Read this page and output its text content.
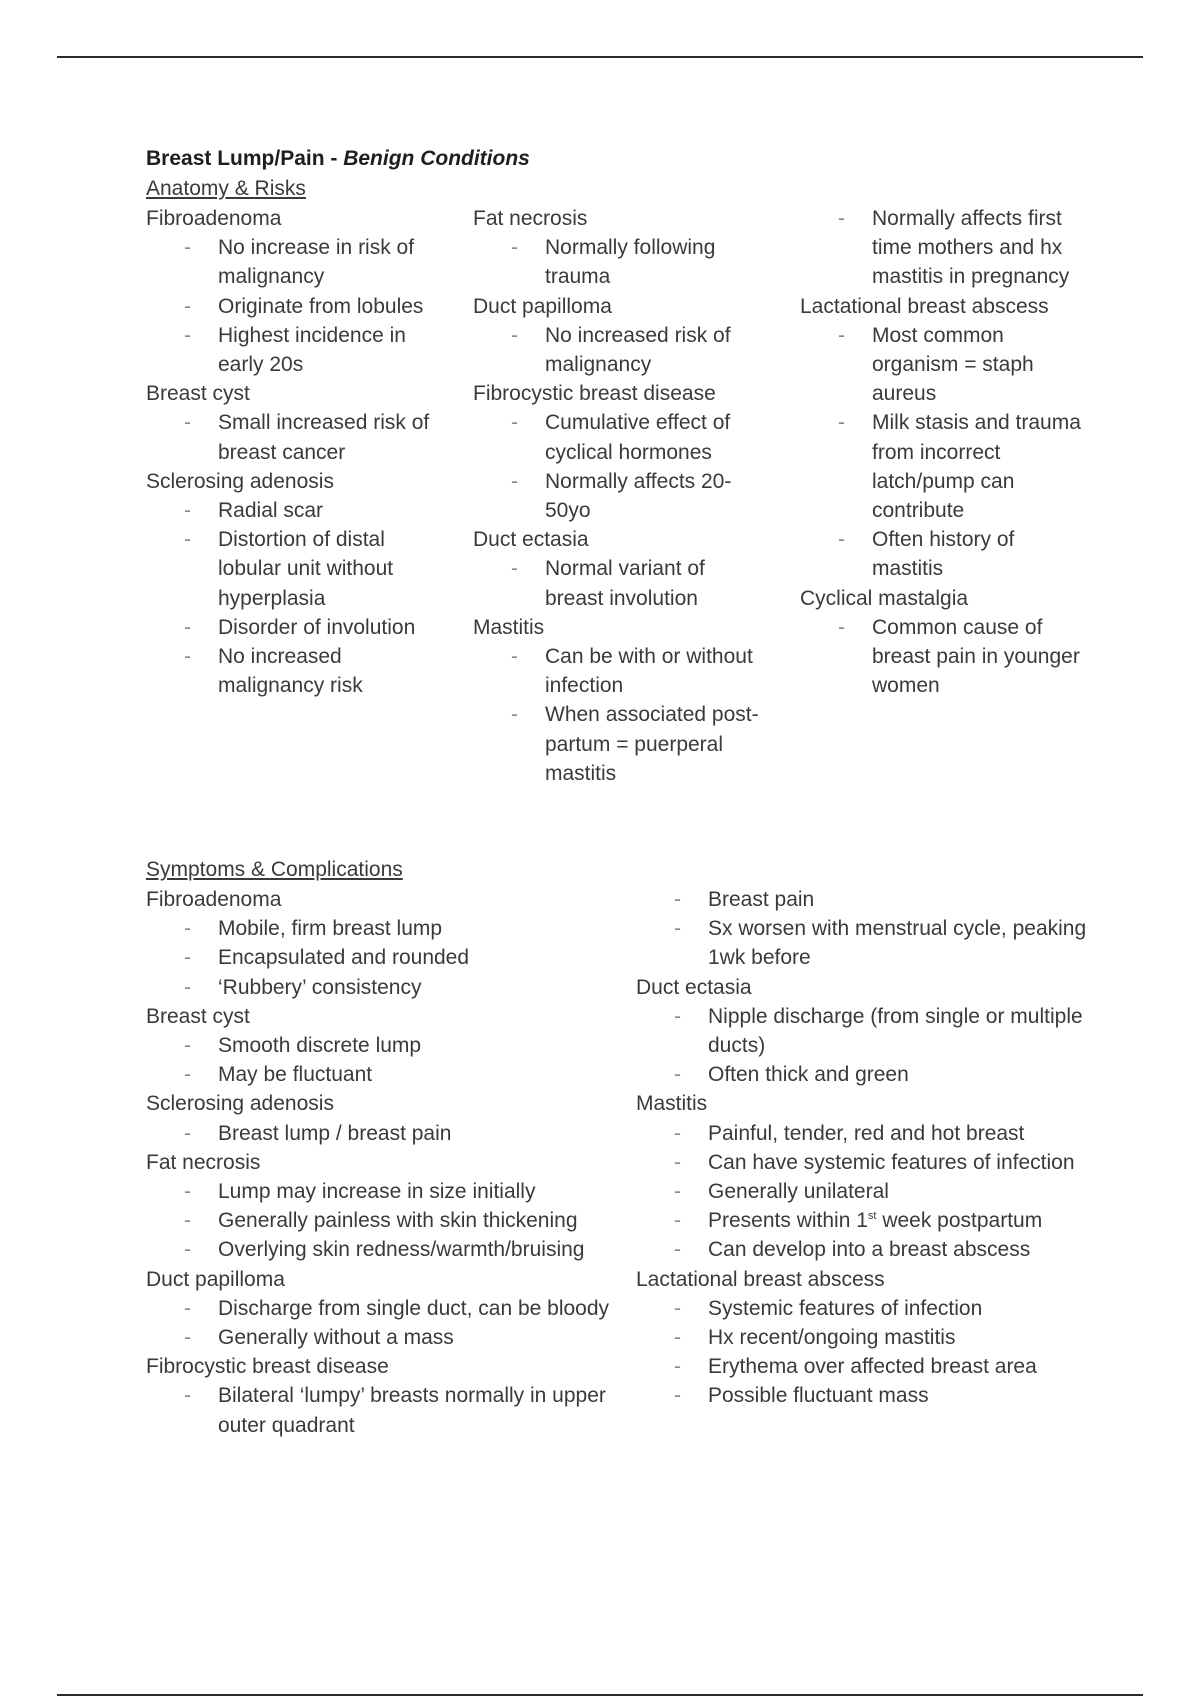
Breast Lump/Pain - Benign Conditions
Anatomy & Risks
Fibroadenoma
- No increase in risk of malignancy
- Originate from lobules
- Highest incidence in early 20s
Breast cyst
- Small increased risk of breast cancer
Sclerosing adenosis
- Radial scar
- Distortion of distal lobular unit without hyperplasia
- Disorder of involution
- No increased malignancy risk
Fat necrosis
- Normally following trauma
Duct papilloma
- No increased risk of malignancy
Fibrocystic breast disease
- Cumulative effect of cyclical hormones
- Normally affects 20-50yo
Duct ectasia
- Normal variant of breast involution
Mastitis
- Can be with or without infection
- When associated post-partum = puerperal mastitis
- Normally affects first time mothers and hx mastitis in pregnancy
Lactational breast abscess
- Most common organism = staph aureus
- Milk stasis and trauma from incorrect latch/pump can contribute
- Often history of mastitis
Cyclical mastalgia
- Common cause of breast pain in younger women
Symptoms & Complications
Fibroadenoma
- Mobile, firm breast lump
- Encapsulated and rounded
- ‘Rubbery’ consistency
Breast cyst
- Smooth discrete lump
- May be fluctuant
Sclerosing adenosis
- Breast lump / breast pain
Fat necrosis
- Lump may increase in size initially
- Generally painless with skin thickening
- Overlying skin redness/warmth/bruising
Duct papilloma
- Discharge from single duct, can be bloody
- Generally without a mass
Fibrocystic breast disease
- Bilateral ‘lumpy’ breasts normally in upper outer quadrant
- Breast pain
- Sx worsen with menstrual cycle, peaking 1wk before
Duct ectasia
- Nipple discharge (from single or multiple ducts)
- Often thick and green
Mastitis
- Painful, tender, red and hot breast
- Can have systemic features of infection
- Generally unilateral
- Presents within 1st week postpartum
- Can develop into a breast abscess
Lactational breast abscess
- Systemic features of infection
- Hx recent/ongoing mastitis
- Erythema over affected breast area
- Possible fluctuant mass
